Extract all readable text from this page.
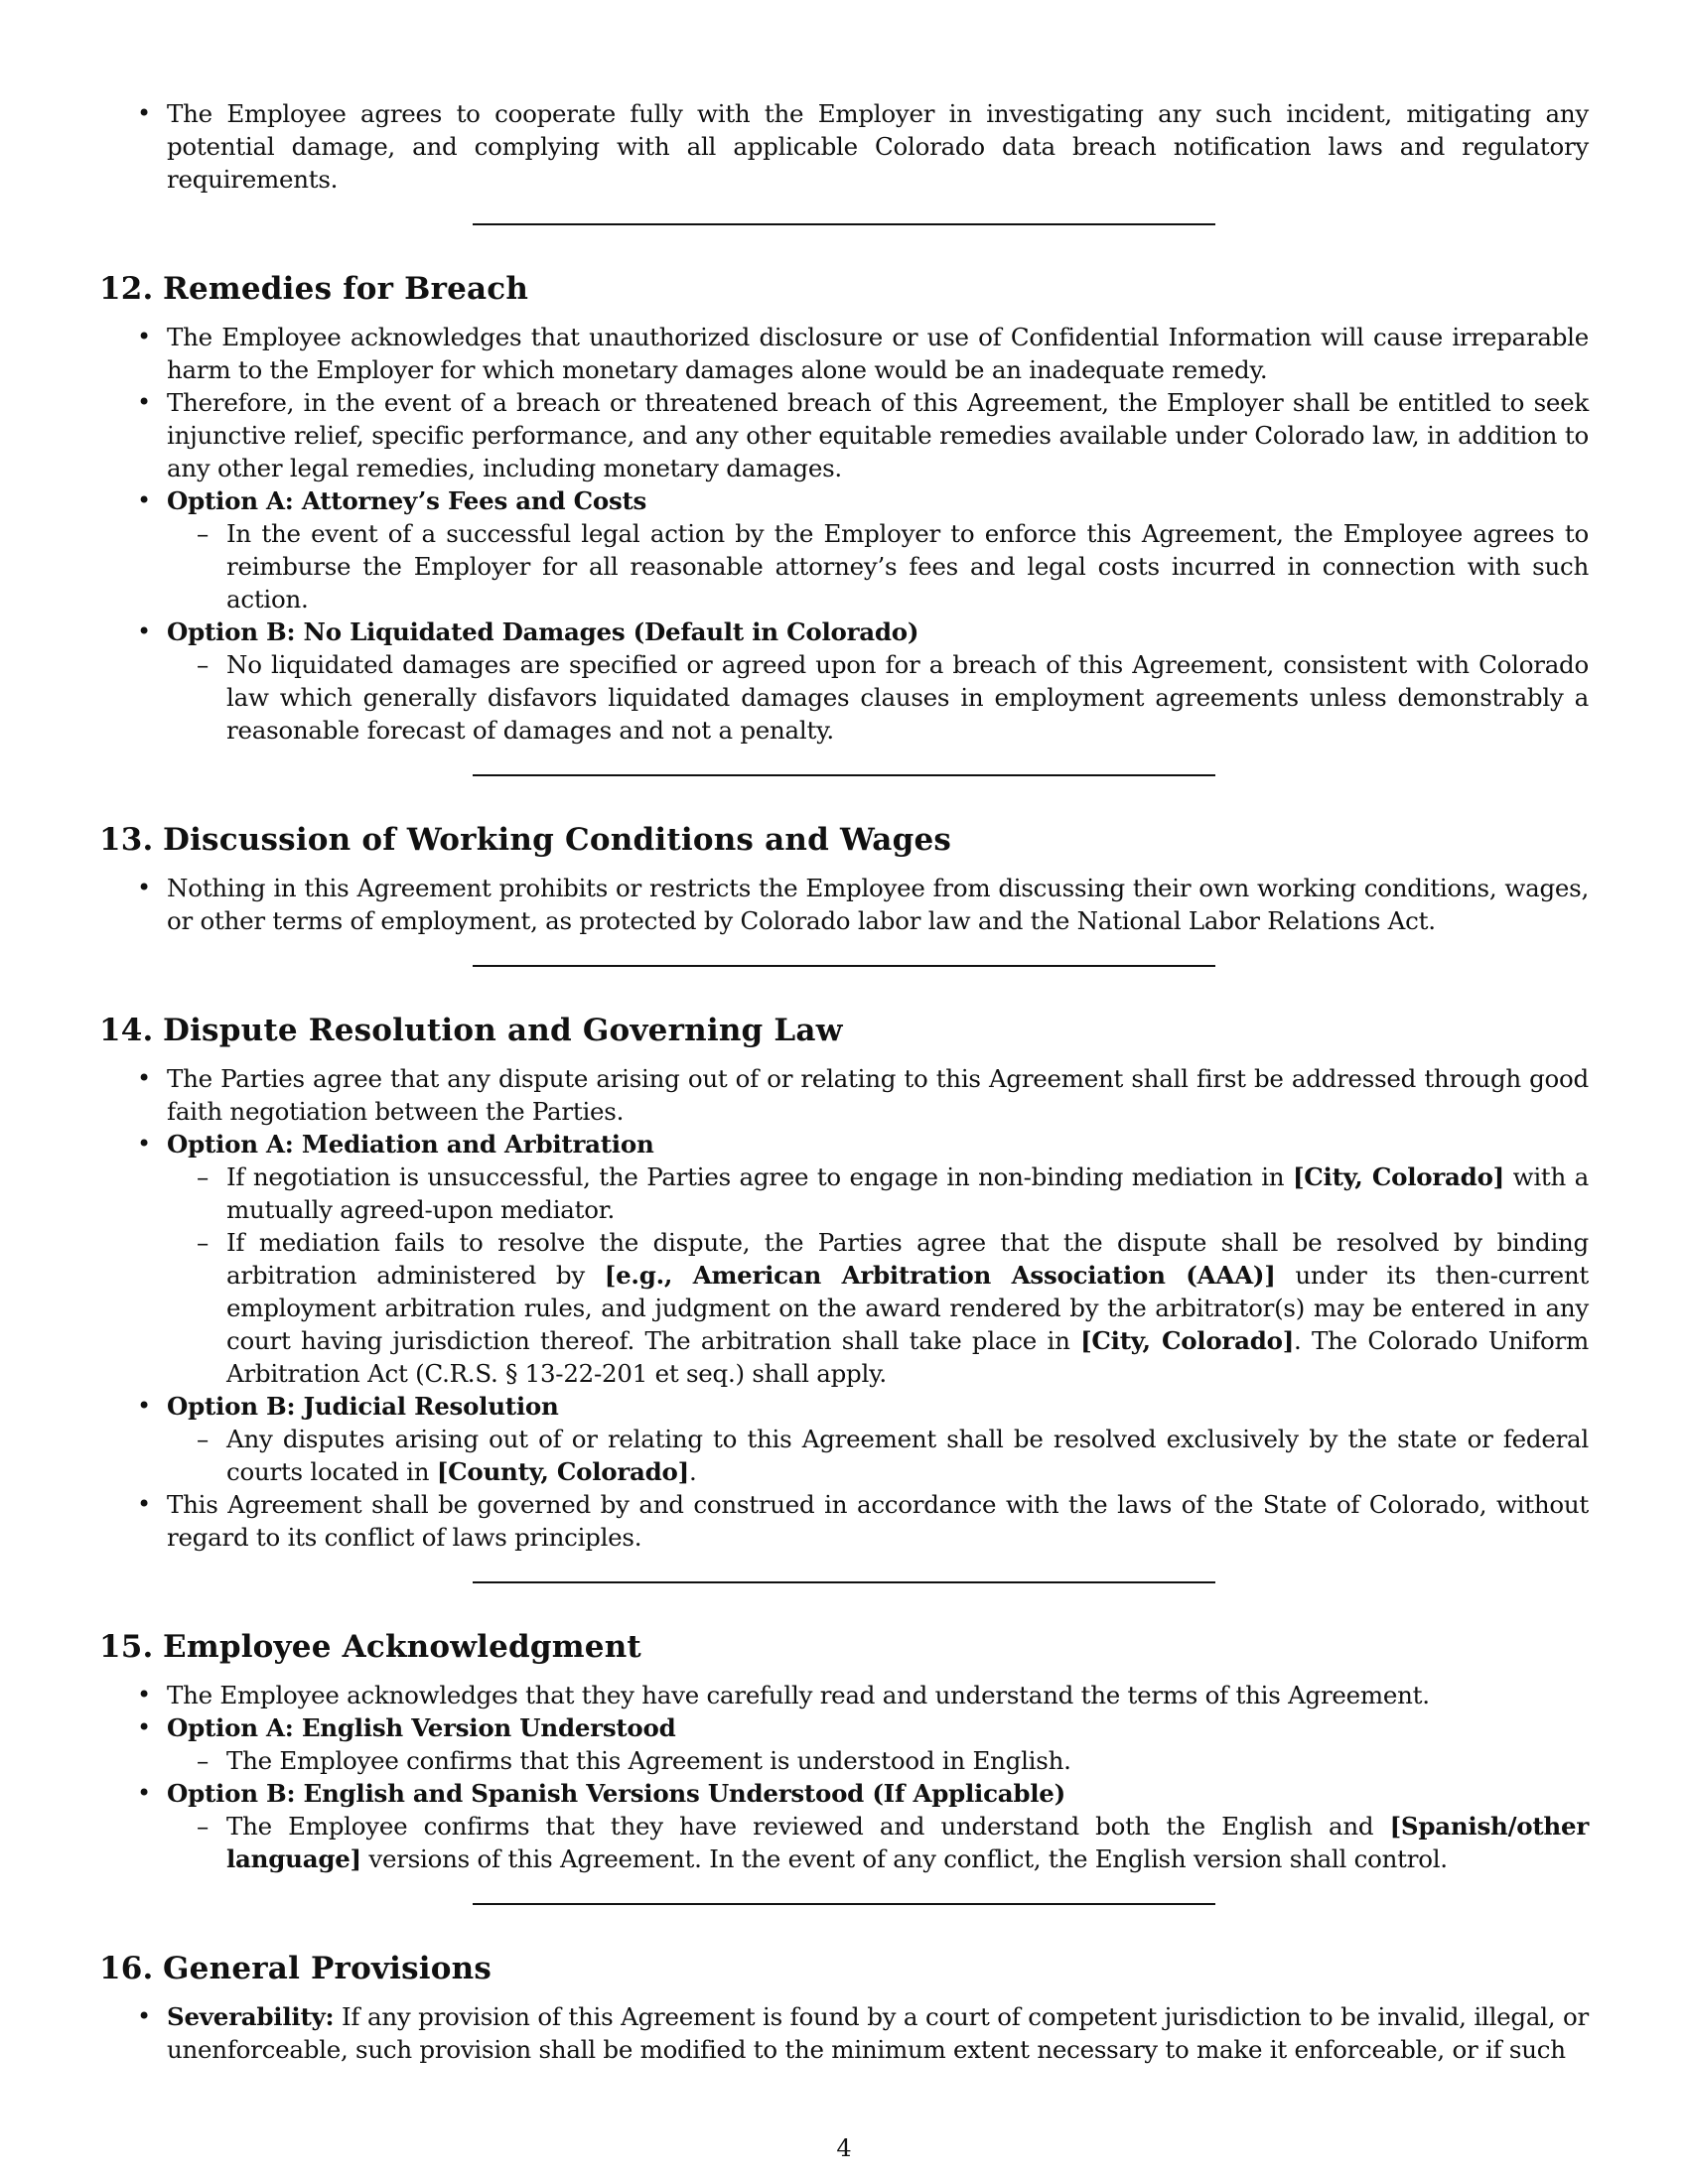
• The Employee agrees to cooperate fully with the Employer in investigating any such incident, mitigating any potential damage, and complying with all applicable Colorado data breach notification laws and regulatory requirements.
12. Remedies for Breach
• The Employee acknowledges that unauthorized disclosure or use of Confidential Information will cause irreparable harm to the Employer for which monetary damages alone would be an inadequate remedy.
• Therefore, in the event of a breach or threatened breach of this Agreement, the Employer shall be entitled to seek injunctive relief, specific performance, and any other equitable remedies available under Colorado law, in addition to any other legal remedies, including monetary damages.
• Option A: Attorney’s Fees and Costs
– In the event of a successful legal action by the Employer to enforce this Agreement, the Employee agrees to reimburse the Employer for all reasonable attorney’s fees and legal costs incurred in connection with such action.
• Option B: No Liquidated Damages (Default in Colorado)
– No liquidated damages are specified or agreed upon for a breach of this Agreement, consistent with Colorado law which generally disfavors liquidated damages clauses in employment agreements unless demonstrably a reasonable forecast of damages and not a penalty.
13. Discussion of Working Conditions and Wages
• Nothing in this Agreement prohibits or restricts the Employee from discussing their own working conditions, wages, or other terms of employment, as protected by Colorado labor law and the National Labor Relations Act.
14. Dispute Resolution and Governing Law
• The Parties agree that any dispute arising out of or relating to this Agreement shall first be addressed through good faith negotiation between the Parties.
• Option A: Mediation and Arbitration
– If negotiation is unsuccessful, the Parties agree to engage in non-binding mediation in [City, Colorado] with a mutually agreed-upon mediator.
– If mediation fails to resolve the dispute, the Parties agree that the dispute shall be resolved by binding arbitration administered by [e.g., American Arbitration Association (AAA)] under its then-current employment arbitration rules, and judgment on the award rendered by the arbitrator(s) may be entered in any court having jurisdiction thereof. The arbitration shall take place in [City, Colorado]. The Colorado Uniform Arbitration Act (C.R.S. § 13-22-201 et seq.) shall apply.
• Option B: Judicial Resolution
– Any disputes arising out of or relating to this Agreement shall be resolved exclusively by the state or federal courts located in [County, Colorado].
• This Agreement shall be governed by and construed in accordance with the laws of the State of Colorado, without regard to its conflict of laws principles.
15. Employee Acknowledgment
• The Employee acknowledges that they have carefully read and understand the terms of this Agreement.
• Option A: English Version Understood
– The Employee confirms that this Agreement is understood in English.
• Option B: English and Spanish Versions Understood (If Applicable)
– The Employee confirms that they have reviewed and understand both the English and [Spanish/other language] versions of this Agreement. In the event of any conflict, the English version shall control.
16. General Provisions
• Severability: If any provision of this Agreement is found by a court of competent jurisdiction to be invalid, illegal, or unenforceable, such provision shall be modified to the minimum extent necessary to make it enforceable, or if such
4
